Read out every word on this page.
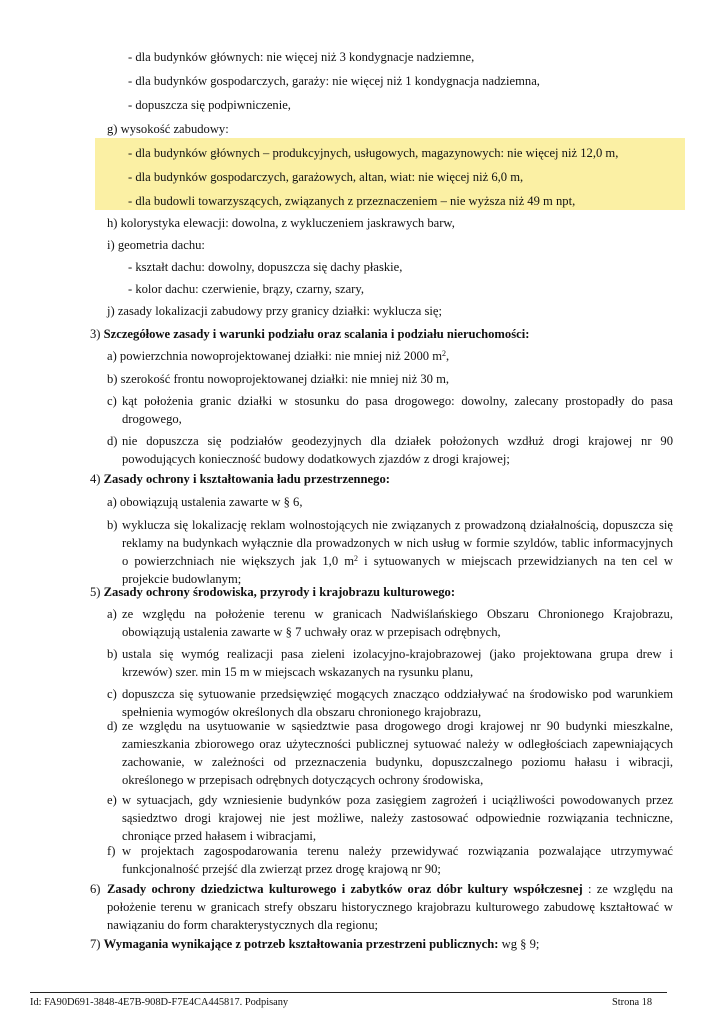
- dla budynków głównych: nie więcej niż 3 kondygnacje nadziemne,
- dla budynków gospodarczych, garaży: nie więcej niż 1 kondygnacja nadziemna,
- dopuszcza się podpiwniczenie,
g) wysokość zabudowy:
- dla budynków głównych – produkcyjnych, usługowych, magazynowych: nie więcej niż 12,0 m,
- dla budynków gospodarczych, garażowych, altan, wiat: nie więcej niż 6,0 m,
- dla budowli towarzyszących, związanych z przeznaczeniem – nie wyższa niż 49 m npt,
h) kolorystyka elewacji: dowolna, z wykluczeniem jaskrawych barw,
i) geometria dachu:
- kształt dachu: dowolny, dopuszcza się dachy płaskie,
- kolor dachu: czerwienie, brązy, czarny, szary,
j) zasady lokalizacji zabudowy przy granicy działki: wyklucza się;
3) Szczegółowe zasady i warunki podziału oraz scalania i podziału nieruchomości:
a) powierzchnia nowoprojektowanej działki: nie mniej niż 2000 $m^2$,
b) szerokość frontu nowoprojektowanej działki: nie mniej niż 30 m,
c) kąt położenia granic działki w stosunku do pasa drogowego: dowolny, zalecany prostopadły do pasa drogowego,
d) nie dopuszcza się podziałów geodezyjnych dla działek położonych wzdłuż drogi krajowej nr 90 powodujących konieczność budowy dodatkowych zjazdów z drogi krajowej;
4) Zasady ochrony i kształtowania ładu przestrzennego:
a) obowiązują ustalenia zawarte w § 6,
b) wyklucza się lokalizację reklam wolnostojących nie związanych z prowadzoną działalnością, dopuszcza się reklamy na budynkach wyłącznie dla prowadzonych w nich usług w formie szyldów, tablic informacyjnych o powierzchniach nie większych jak 1,0 $m^2$ i sytuowanych w miejscach przewidzianych na ten cel w projekcie budowlanym;
5) Zasady ochrony środowiska, przyrody i krajobrazu kulturowego:
a) ze względu na położenie terenu w granicach Nadwiślańskiego Obszaru Chronionego Krajobrazu, obowiązują ustalenia zawarte w § 7 uchwały oraz w przepisach odrębnych,
b) ustala się wymóg realizacji pasa zieleni izolacyjno-krajobrazowej (jako projektowana grupa drew i krzewów) szer. min 15 m w miejscach wskazanych na rysunku planu,
c) dopuszcza się sytuowanie przedsięwzięć mogących znacząco oddziaływać na środowisko pod warunkiem spełnienia wymogów określonych dla obszaru chronionego krajobrazu,
d) ze względu na usytuowanie w sąsiedztwie pasa drogowego drogi krajowej nr 90 budynki mieszkalne, zamieszkania zbiorowego oraz użyteczności publicznej sytuować należy w odległościach zapewniających zachowanie, w zależności od przeznaczenia budynku, dopuszczalnego poziomu hałasu i wibracji, określonego w przepisach odrębnych dotyczących ochrony środowiska,
e) w sytuacjach, gdy wzniesienie budynków poza zasięgiem zagrożeń i uciążliwości powodowanych przez sąsiedztwo drogi krajowej nie jest możliwe, należy zastosować odpowiednie rozwiązania techniczne, chroniące przed hałasem i wibracjami,
f) w projektach zagospodarowania terenu należy przewidywać rozwiązania pozwalające utrzymywać funkcjonalność przejść dla zwierząt przez drogę krajową nr 90;
6) Zasady ochrony dziedzictwa kulturowego i zabytków oraz dóbr kultury współczesnej : ze względu na położenie terenu w granicach strefy obszaru historycznego krajobrazu kulturowego zabudowę kształtować w nawiązaniu do form charakterystycznych dla regionu;
7) Wymagania wynikające z potrzeb kształtowania przestrzeni publicznych: wg § 9;
Id: FA90D691-3848-4E7B-908D-F7E4CA445817. Podpisany	Strona 18
